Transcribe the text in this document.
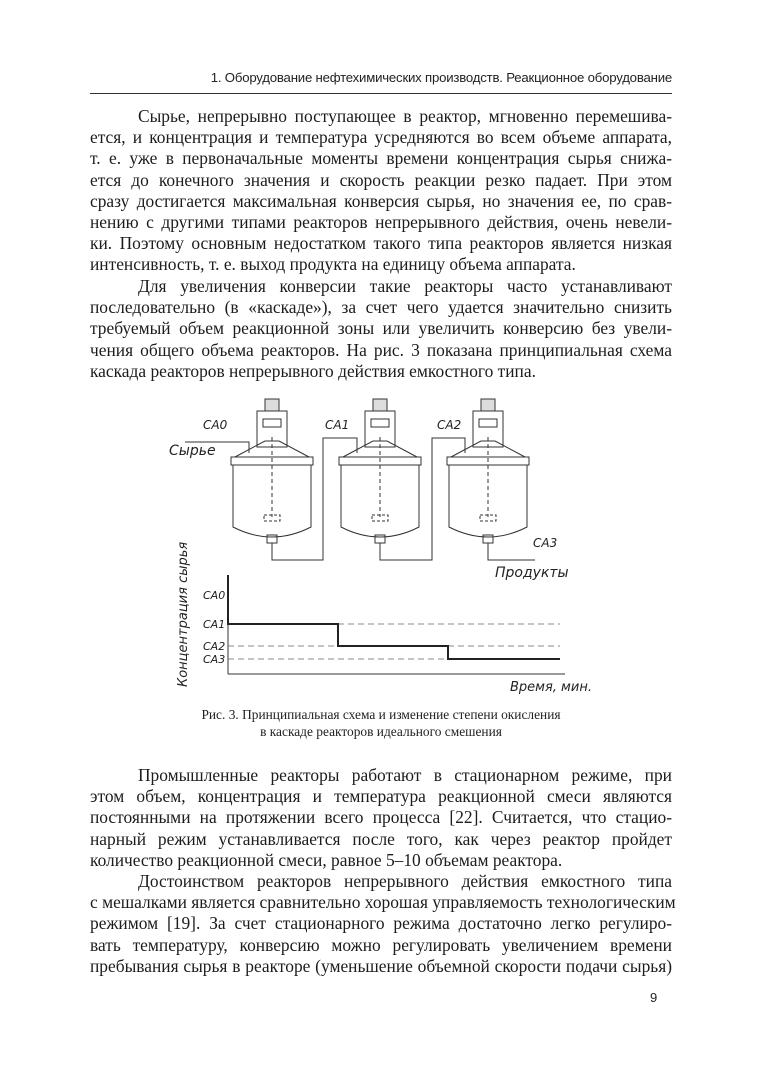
1. Оборудование нефтехимических производств. Реакционное оборудование
Сырье, непрерывно поступающее в реактор, мгновенно перемешива-
ется, и концентрация и температура усредняются во всем объеме аппарата,
т. е. уже в первоначальные моменты времени концентрация сырья снижа-
ется до конечного значения и скорость реакции резко падает. При этом
сразу достигается максимальная конверсия сырья, но значения ее, по срав-
нению с другими типами реакторов непрерывного действия, очень невели-
ки. Поэтому основным недостатком такого типа реакторов является низкая
интенсивность, т. е. выход продукта на единицу объема аппарата.
Для увеличения конверсии такие реакторы часто устанавливают
последовательно (в «каскаде»), за счет чего удается значительно снизить
требуемый объем реакционной зоны или увеличить конверсию без увели-
чения общего объема реакторов. На рис. 3 показана принципиальная схема
каскада реакторов непрерывного действия емкостного типа.
CA0
Сырье
CA1	CA2
CA3
Продукты
CA0
CA1
CA2
CA3
Концентрация сырья
Время, мин.
Рис. 3. Принципиальная схема и изменение степени окисления
в каскаде реакторов идеального смешения
Промышленные реакторы работают в стационарном режиме, при
этом объем, концентрация и температура реакционной смеси являются
постоянными на протяжении всего процесса [22]. Считается, что стацио-
нарный режим устанавливается после того, как через реактор пройдет
количество реакционной смеси, равное 5–10 объемам реактора.
Достоинством реакторов непрерывного действия емкостного типа
с мешалками является сравнительно хорошая управляемость технологическим
режимом [19]. За счет стационарного режима достаточно легко регулиро-
вать температуру, конверсию можно регулировать увеличением времени
пребывания сырья в реакторе (уменьшение объемной скорости подачи сырья)
9
